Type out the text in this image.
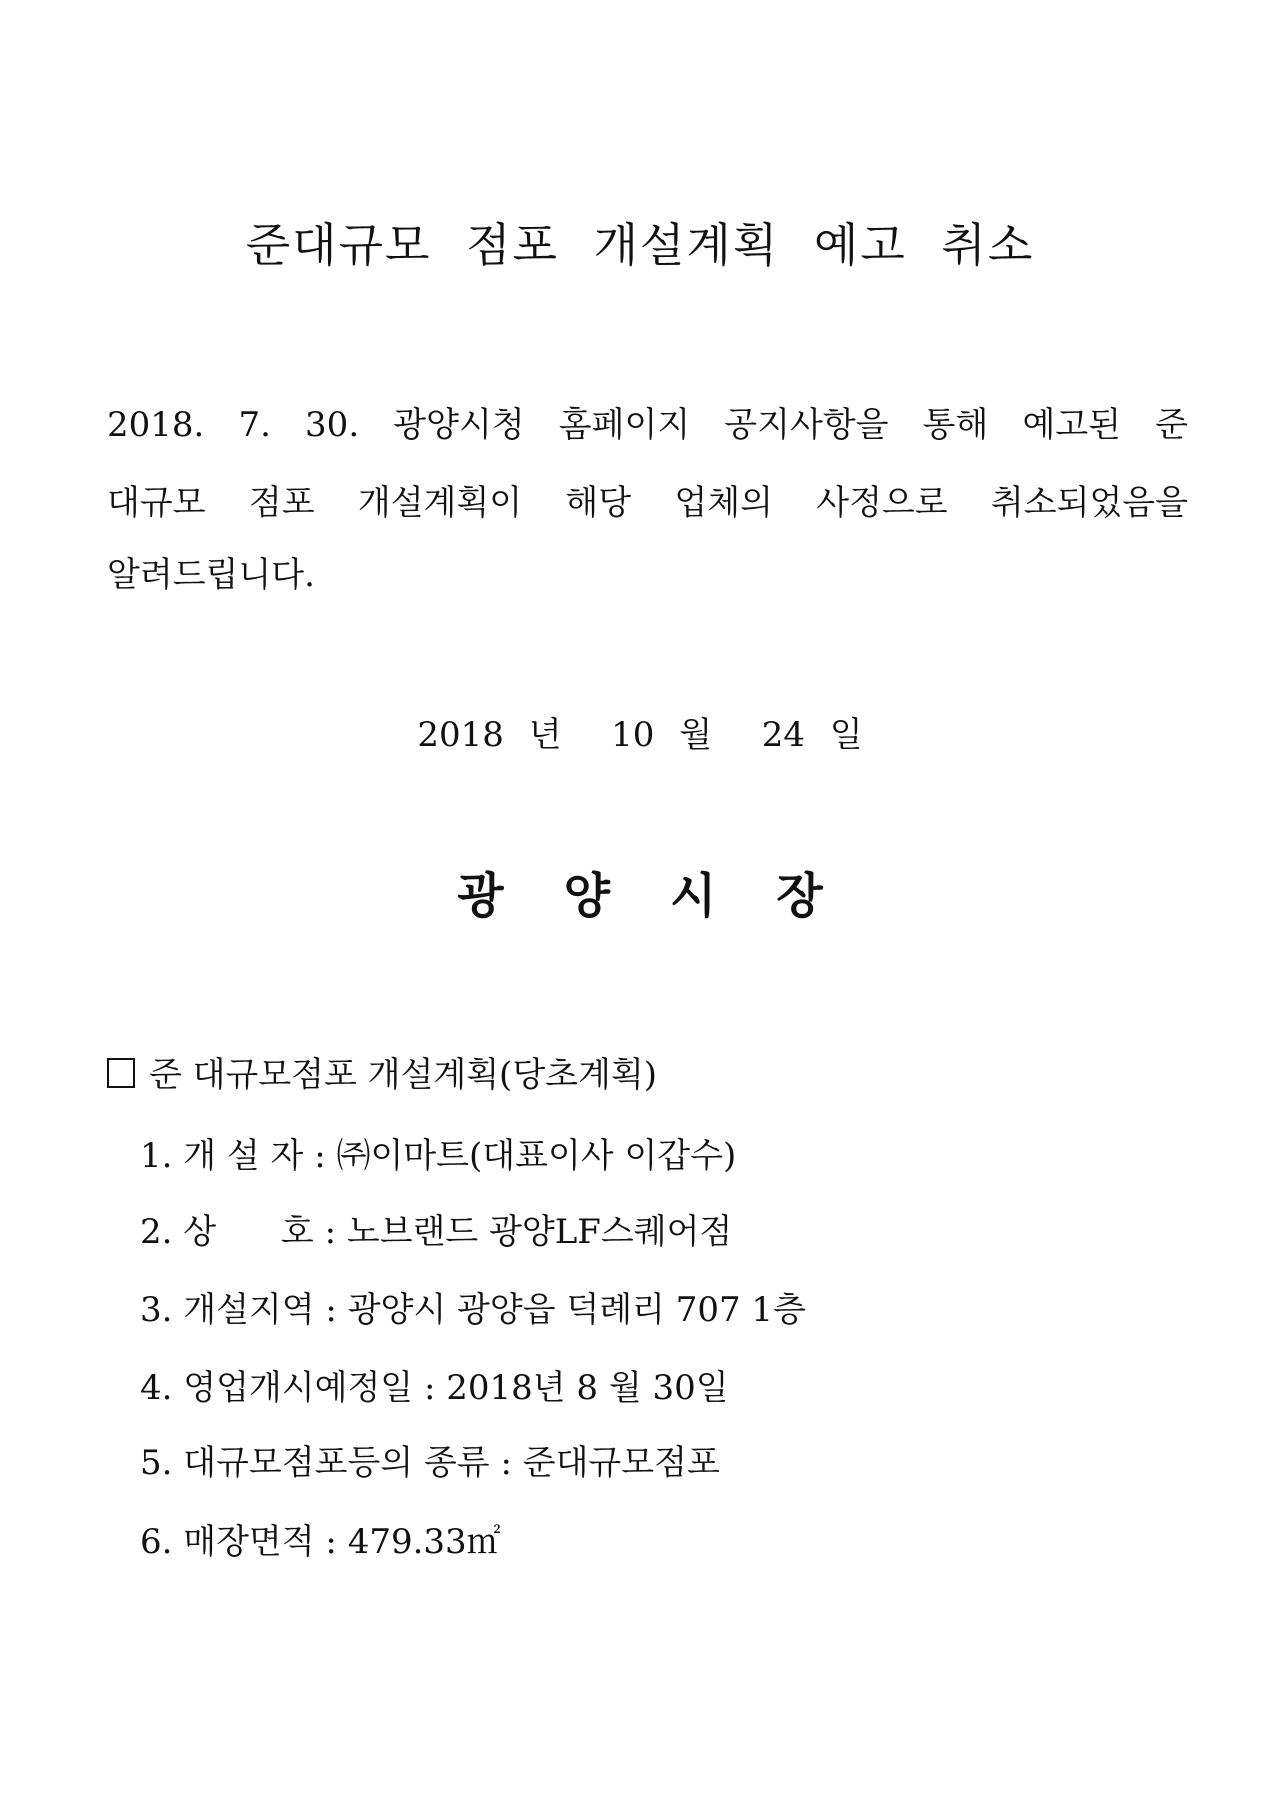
준대규모 점포 개설계획 예고 취소
2018. 7. 30. 광양시청 홈페이지 공지사항을 통해 예고된 준
대규모 점포 개설계획이 해당 업체의 사정으로 취소되었음을
알려드립니다.
2018 년  10 월  24 일
광양시장
준 대규모점포 개설계획(당초계획)
1. 개 설 자 : ㈜이마트(대표이사 이갑수)
2. 상      호 : 노브랜드 광양LF스퀘어점
3. 개설지역 : 광양시 광양읍 덕례리 707 1층
4. 영업개시예정일 : 2018년 8 월 30일
5. 대규모점포등의 종류 : 준대규모점포
6. 매장면적 : 479.33㎡
